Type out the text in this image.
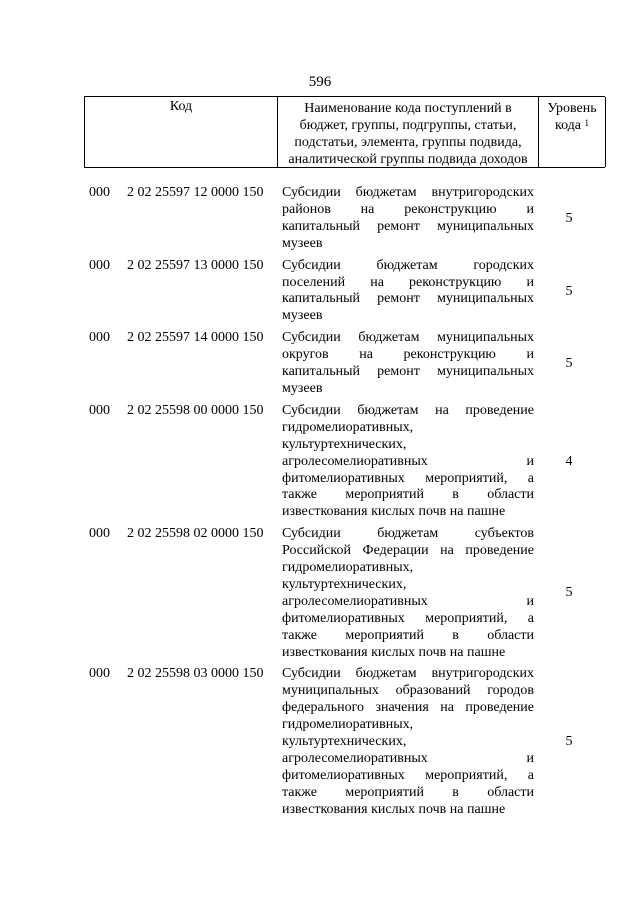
596
Код	Наименование кода поступлений в
бюджет, группы, подгруппы, статьи,
подстатьи, элемента, группы подвида,
аналитической группы подвида доходов
Уровень
кода $^1$
000 2 02 25597 12 0000 150 Субсидии бюджетам внутригородских
районов на реконструкцию и
капитальный ремонт муниципальных
музеев
5
000 2 02 25597 13 0000 150 Субсидии бюджетам городских
поселений на реконструкцию и
капитальный ремонт муниципальных
музеев
5
000 2 02 25597 14 0000 150 Субсидии бюджетам муниципальных
округов на реконструкцию и
капитальный ремонт муниципальных
музеев
5
000 2 02 25598 00 0000 150 Субсидии бюджетам на проведение
гидромелиоративных,
культуртехнических,
агролесомелиоративных и
фитомелиоративных мероприятий, а
также мероприятий в области
известкования кислых почв на пашне
4
000 2 02 25598 02 0000 150 Субсидии бюджетам субъектов
Российской Федерации на проведение
гидромелиоративных,
культуртехнических,
агролесомелиоративных и
фитомелиоративных мероприятий, а
также мероприятий в области
известкования кислых почв на пашне
5
000 2 02 25598 03 0000 150 Субсидии бюджетам внутригородских
муниципальных образований городов
федерального значения на проведение
гидромелиоративных,
культуртехнических,
агролесомелиоративных и
фитомелиоративных мероприятий, а
также мероприятий в области
известкования кислых почв на пашне
5
